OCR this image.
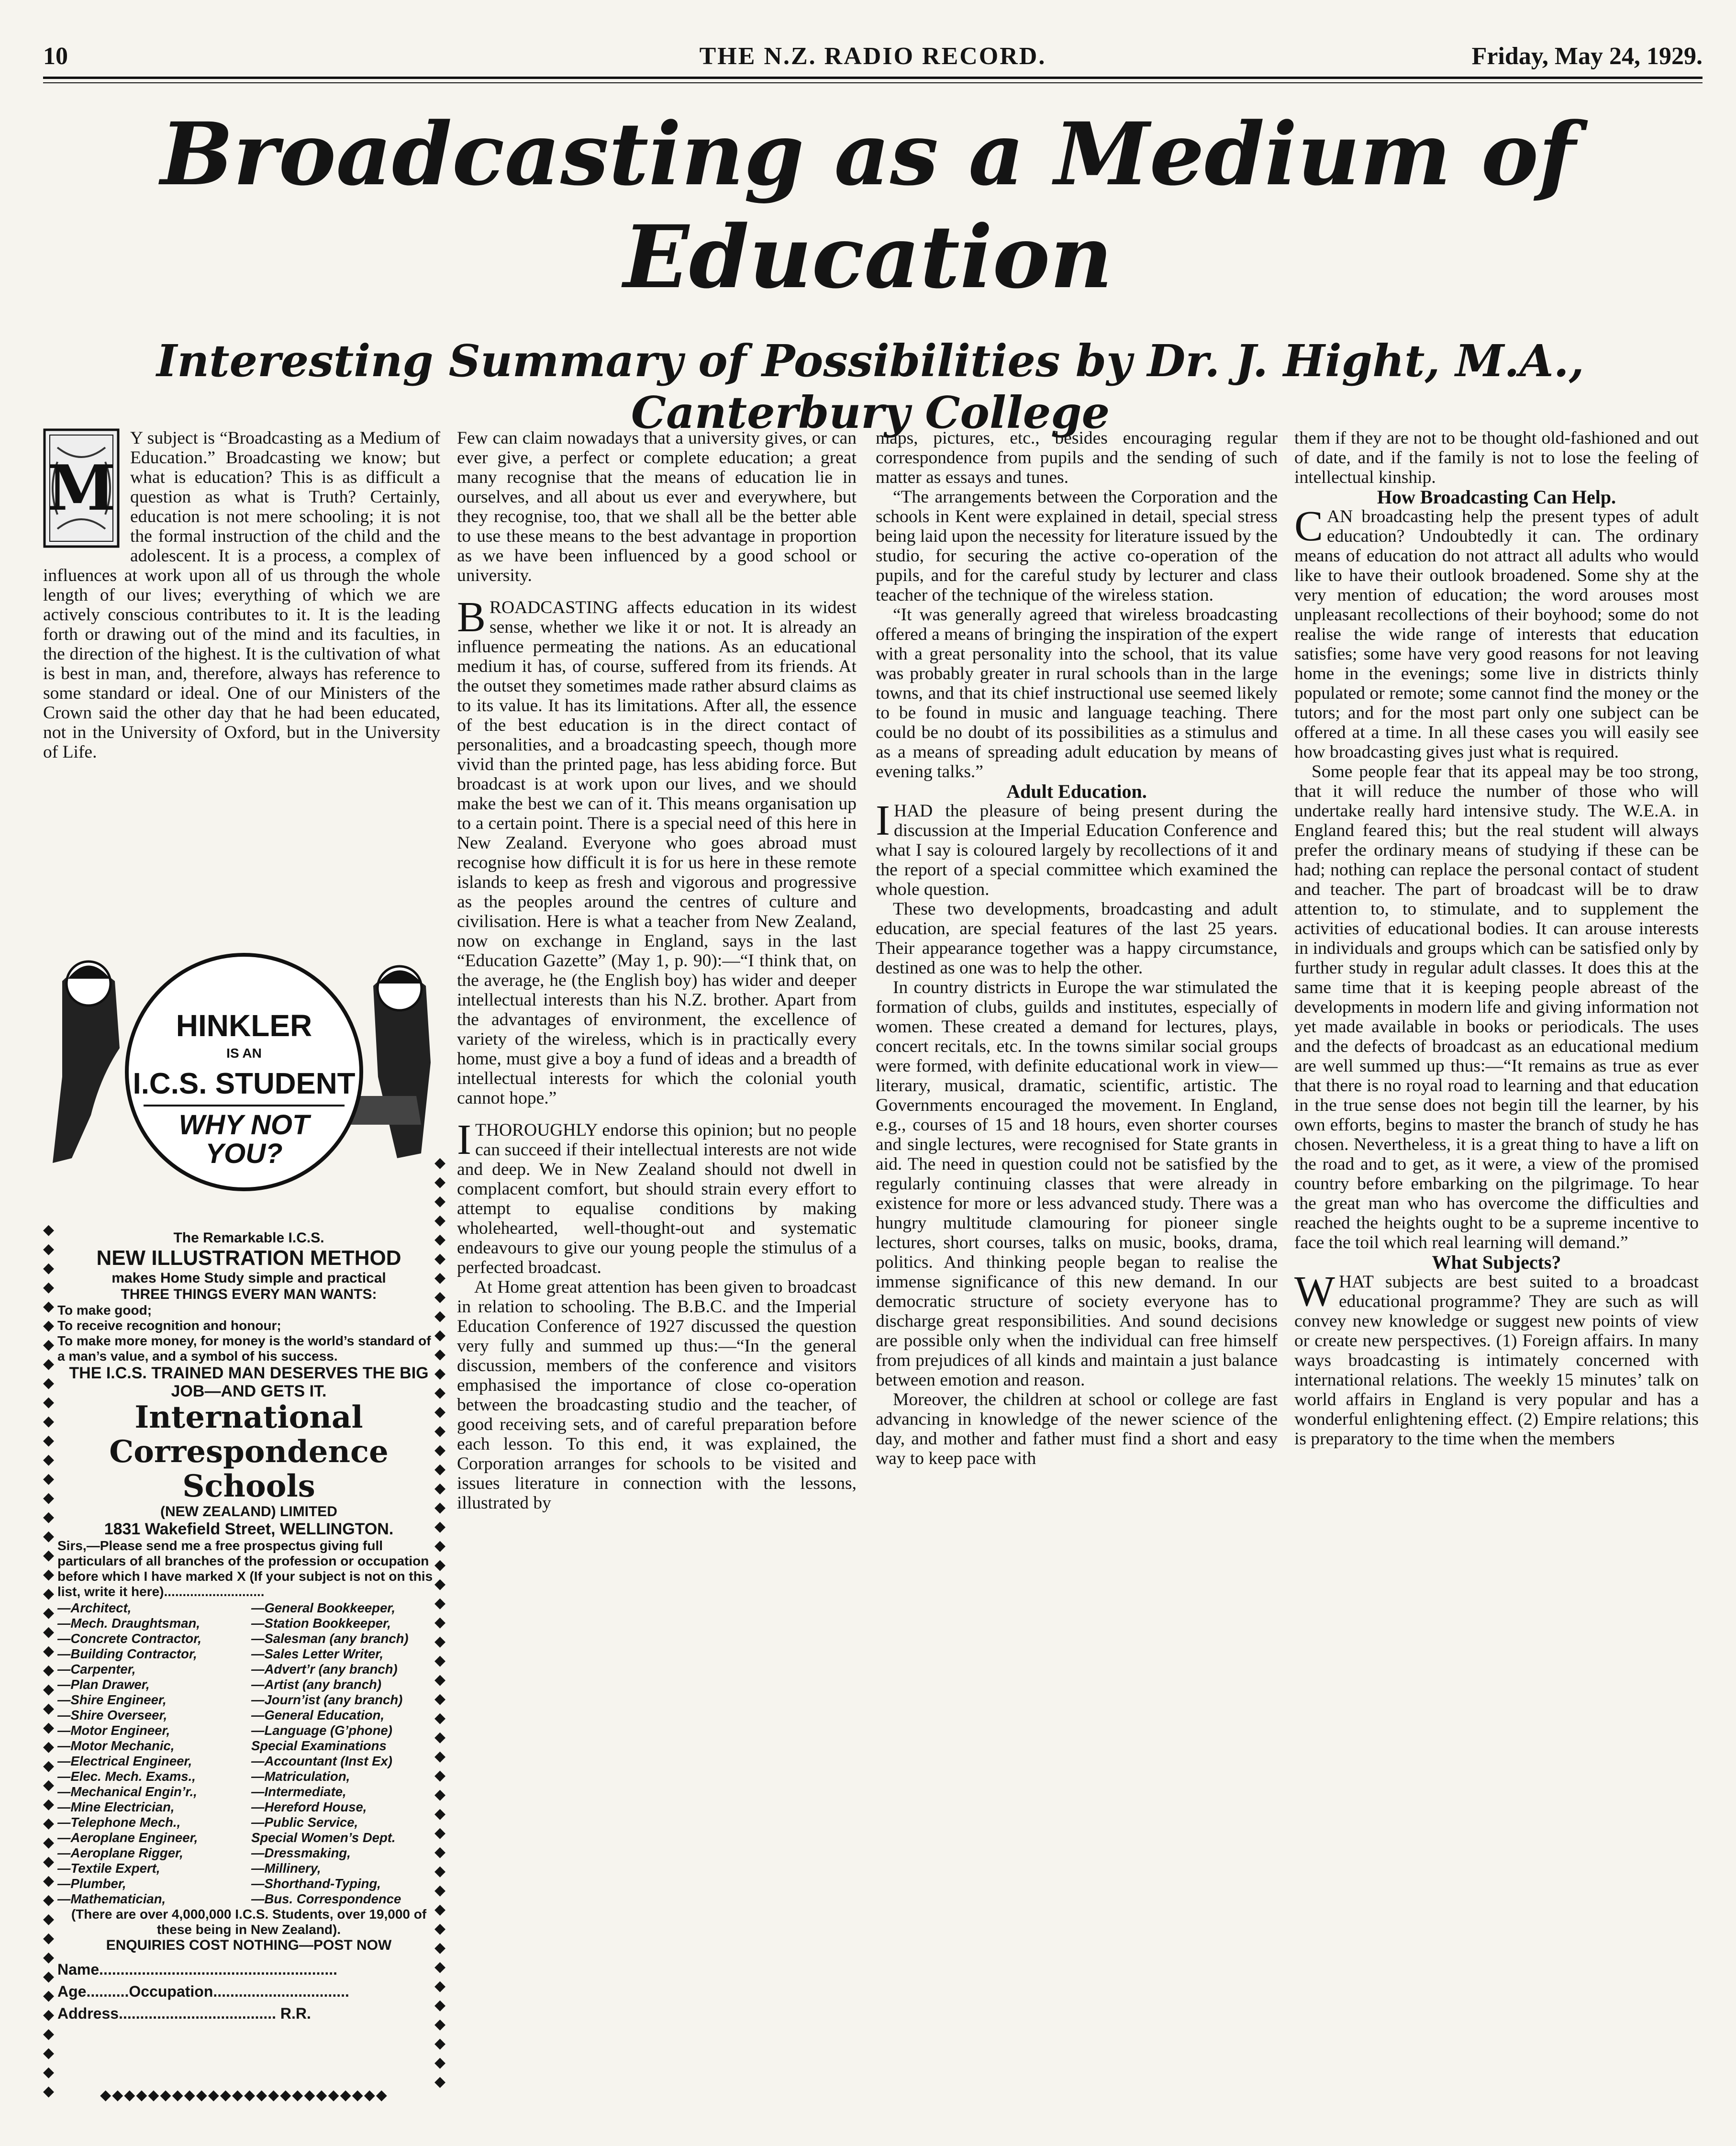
10	THE N.Z. RADIO RECORD.	Friday, May 24, 1929.
Broadcasting as a Medium of
Education
Interesting Summary of Possibilities by Dr. J. Hight, M.A., Canterbury College
M

Y subject is “Broadcasting as a Medium of Education.” Broadcasting we know; but what is education? This is as difficult a question as what is Truth? Certainly, education is not mere schooling; it is not the formal instruction of the child and the adolescent. It is a process, a complex of influences at work upon all of us through the whole length of our lives; everything of which we are actively conscious contributes to it. It is the leading forth or drawing out of the mind and its faculties, in the direction of the highest. It is the cultivation of what is best in man, and, therefore, always has reference to some standard or ideal. One of our Ministers of the Crown said the other day that he had been educated, not in the University of Oxford, but in the University of Life.

HINKLER
IS AN
I.C.S. STUDENT
WHY NOT
YOU?
◆
◆
◆
◆
◆
◆
◆
◆
◆
◆
◆
◆
◆
◆
◆
◆
◆
◆
◆
◆
◆
◆
◆
◆
◆
◆
◆
◆
◆
◆
◆
◆
◆
◆
◆
◆
◆
◆
◆
◆
◆
◆
◆
◆
◆
◆
◆
◆
◆
◆
◆
◆
◆
◆
◆
◆
◆
◆
◆
◆
◆
◆
◆
◆
◆
◆
◆
◆
◆
◆
◆
◆
◆
◆
◆
◆
◆
◆
◆
◆
◆
◆
◆
◆
◆
◆
◆
◆
◆
◆
◆
◆
◆
◆
◆
The Remarkable I.C.S.
NEW ILLUSTRATION METHOD
makes Home Study simple and practical
THREE THINGS EVERY MAN WANTS:
To make good;
To receive recognition and honour;
To make more money, for money is the world’s standard of a man’s value, and a symbol of his success.
THE I.C.S. TRAINED MAN DESERVES THE BIG JOB—AND GETS IT.
International
Correspondence Schools
(NEW ZEALAND) LIMITED
1831 Wakefield Street, WELLINGTON.
Sirs,—Please send me a free prospectus giving full particulars of all branches of the profession or occupation before which I have marked X (If your subject is not on this list, write it here)...........................
—Architect,
—Mech. Draughtsman,
—Concrete Contractor,
—Building Contractor,
—Carpenter,
—Plan Drawer,
—Shire Engineer,
—Shire Overseer,
—Motor Engineer,
—Motor Mechanic,
—Electrical Engineer,
—Elec. Mech. Exams.,
—Mechanical Engin’r.,
—Mine Electrician,
—Telephone Mech.,
—Aeroplane Engineer,
—Aeroplane Rigger,
—Textile Expert,
—Plumber,
—Mathematician,
—General Bookkeeper,
—Station Bookkeeper,
—Salesman (any branch)
—Sales Letter Writer,
—Advert’r (any branch)
—Artist (any branch)
—Journ’ist (any branch)
—General Education,
—Language (G’phone)
Special Examinations
—Accountant (Inst Ex)
—Matriculation,
—Intermediate,
—Hereford House,
—Public Service,
Special Women’s Dept.
—Dressmaking,
—Millinery,
—Shorthand-Typing,
—Bus. Correspondence
(There are over 4,000,000 I.C.S. Students, over 19,000 of these being in New Zealand).
ENQUIRIES COST NOTHING—POST NOW
Name........................................................
Age..........Occupation................................
Address..................................... R.R.
◆◆◆◆◆◆◆◆◆◆◆◆◆◆◆◆◆◆◆◆◆◆◆◆

Few can claim nowadays that a university gives, or can ever give, a perfect or complete education; a great many recognise that the means of education lie in ourselves, and all about us ever and everywhere, but they recognise, too, that we shall all be the better able to use these means to the best advantage in proportion as we have been influenced by a good school or university.

BROADCASTING affects education in its widest sense, whether we like it or not. It is already an influence permeating the nations. As an educational medium it has, of course, suffered from its friends. At the outset they sometimes made rather absurd claims as to its value. It has its limitations. After all, the essence of the best education is in the direct contact of personalities, and a broadcasting speech, though more vivid than the printed page, has less abiding force. But broadcast is at work upon our lives, and we should make the best we can of it. This means organisation up to a certain point. There is a special need of this here in New Zealand. Everyone who goes abroad must recognise how difficult it is for us here in these remote islands to keep as fresh and vigorous and progressive as the peoples around the centres of culture and civilisation. Here is what a teacher from New Zealand, now on exchange in England, says in the last “Education Gazette” (May 1, p. 90):—“I think that, on the average, he (the English boy) has wider and deeper intellectual interests than his N.Z. brother. Apart from the advantages of environment, the excellence of variety of the wireless, which is in practically every home, must give a boy a fund of ideas and a breadth of intellectual interests for which the colonial youth cannot hope.”

ITHOROUGHLY endorse this opinion; but no people can succeed if their intellectual interests are not wide and deep. We in New Zealand should not dwell in complacent comfort, but should strain every effort to attempt to equalise conditions by making wholehearted, well-thought-out and systematic endeavours to give our young people the stimulus of a perfected broadcast.

At Home great attention has been given to broadcast in relation to schooling. The B.B.C. and the Imperial Education Conference of 1927 discussed the question very fully and summed up thus:—“In the general discussion, members of the conference and visitors emphasised the importance of close co-operation between the broadcasting studio and the teacher, of good receiving sets, and of careful preparation before each lesson. To this end, it was explained, the Corporation arranges for schools to be visited and issues literature in connection with the lessons, illustrated by

maps, pictures, etc., besides encouraging regular correspondence from pupils and the sending of such matter as essays and tunes.

“The arrangements between the Corporation and the schools in Kent were explained in detail, special stress being laid upon the necessity for literature issued by the studio, for securing the active co-operation of the pupils, and for the careful study by lecturer and class teacher of the technique of the wireless station.

“It was generally agreed that wireless broadcasting offered a means of bringing the inspiration of the expert with a great personality into the school, that its value was probably greater in rural schools than in the large towns, and that its chief instructional use seemed likely to be found in music and language teaching. There could be no doubt of its possibilities as a stimulus and as a means of spreading adult education by means of evening talks.”

Adult Education.

IHAD the pleasure of being present during the discussion at the Imperial Education Conference and what I say is coloured largely by recollections of it and the report of a special committee which examined the whole question.

These two developments, broadcasting and adult education, are special features of the last 25 years. Their appearance together was a happy circumstance, destined as one was to help the other.

In country districts in Europe the war stimulated the formation of clubs, guilds and institutes, especially of women. These created a demand for lectures, plays, concert recitals, etc. In the towns similar social groups were formed, with definite educational work in view—literary, musical, dramatic, scientific, artistic. The Governments encouraged the movement. In England, e.g., courses of 15 and 18 hours, even shorter courses and single lectures, were recognised for State grants in aid. The need in question could not be satisfied by the regularly continuing classes that were already in existence for more or less advanced study. There was a hungry multitude clamouring for pioneer single lectures, short courses, talks on music, books, drama, politics. And thinking people began to realise the immense significance of this new demand. In our democratic structure of society everyone has to discharge great responsibilities. And sound decisions are possible only when the individual can free himself from prejudices of all kinds and maintain a just balance between emotion and reason.

Moreover, the children at school or college are fast advancing in knowledge of the newer science of the day, and mother and father must find a short and easy way to keep pace with

them if they are not to be thought old-fashioned and out of date, and if the family is not to lose the feeling of intellectual kinship.

How Broadcasting Can Help.

CAN broadcasting help the present types of adult education? Undoubtedly it can. The ordinary means of education do not attract all adults who would like to have their outlook broadened. Some shy at the very mention of education; the word arouses most unpleasant recollections of their boyhood; some do not realise the wide range of interests that education satisfies; some have very good reasons for not leaving home in the evenings; some live in districts thinly populated or remote; some cannot find the money or the tutors; and for the most part only one subject can be offered at a time. In all these cases you will easily see how broadcasting gives just what is required.

Some people fear that its appeal may be too strong, that it will reduce the number of those who will undertake really hard intensive study. The W.E.A. in England feared this; but the real student will always prefer the ordinary means of studying if these can be had; nothing can replace the personal contact of student and teacher. The part of broadcast will be to draw attention to, to stimulate, and to supplement the activities of educational bodies. It can arouse interests in individuals and groups which can be satisfied only by further study in regular adult classes. It does this at the same time that it is keeping people abreast of the developments in modern life and giving information not yet made available in books or periodicals. The uses and the defects of broadcast as an educational medium are well summed up thus:—“It remains as true as ever that there is no royal road to learning and that education in the true sense does not begin till the learner, by his own efforts, begins to master the branch of study he has chosen. Nevertheless, it is a great thing to have a lift on the road and to get, as it were, a view of the promised country before embarking on the pilgrimage. To hear the great man who has overcome the difficulties and reached the heights ought to be a supreme incentive to face the toil which real learning will demand.”

What Subjects?

WHAT subjects are best suited to a broadcast educational programme? They are such as will convey new knowledge or suggest new points of view or create new perspectives. (1) Foreign affairs. In many ways broadcasting is intimately concerned with international relations. The weekly 15 minutes’ talk on world affairs in England is very popular and has a wonderful enlightening effect. (2) Empire relations; this is preparatory to the time when the members
